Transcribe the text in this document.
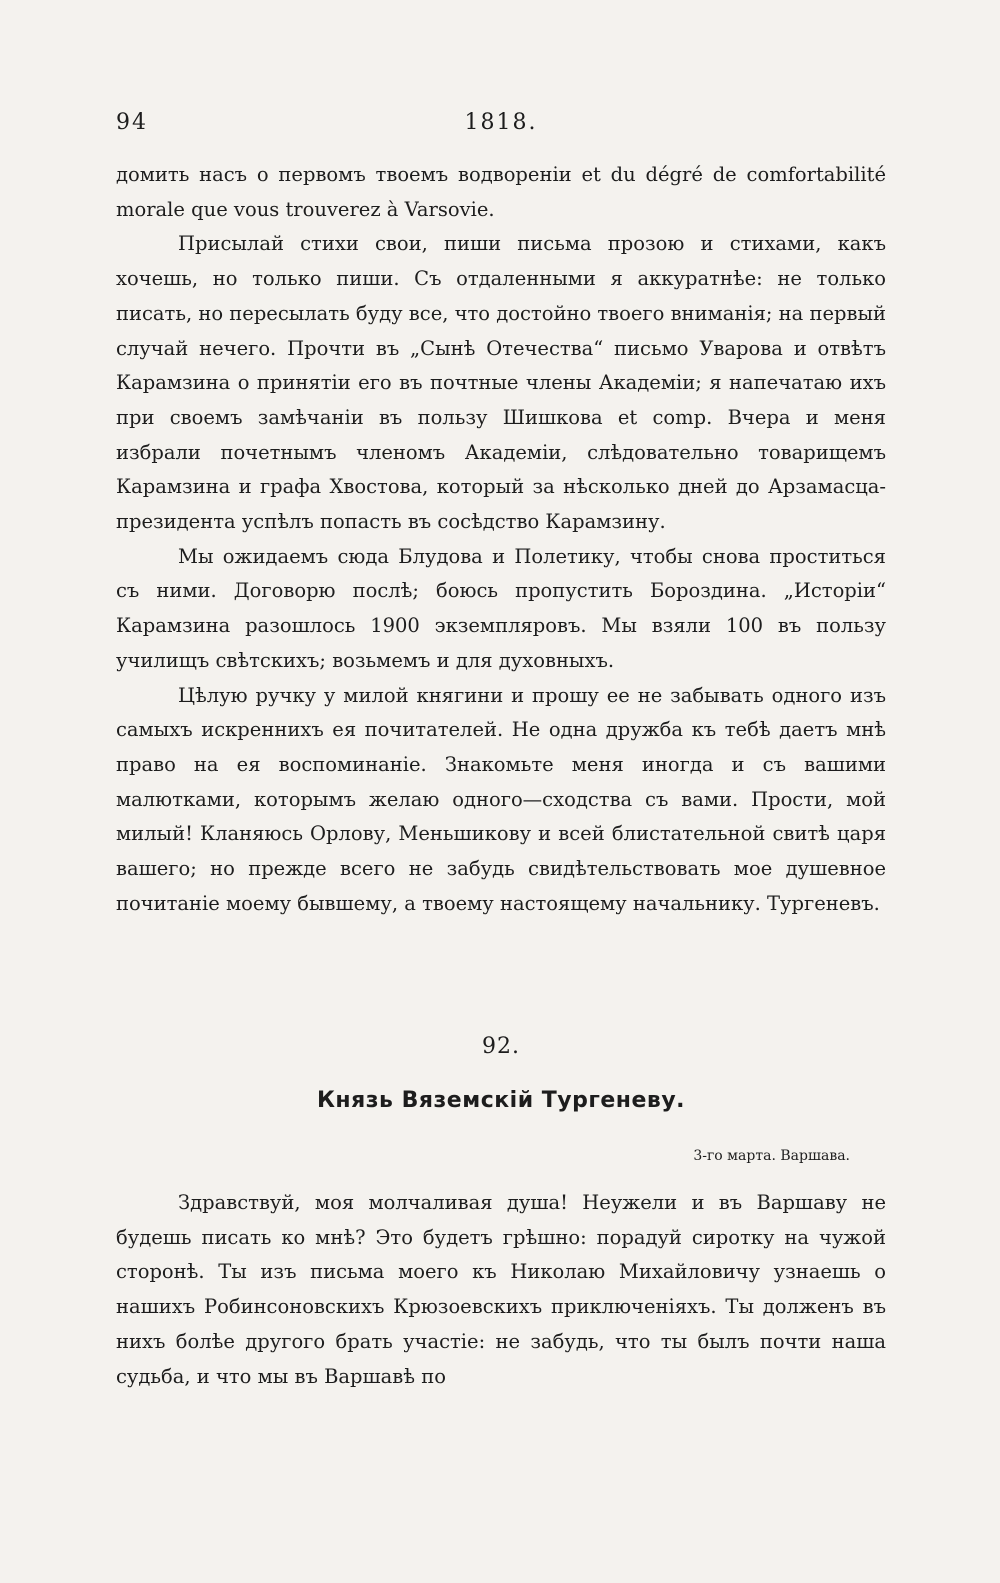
94	1818.

домить насъ о первомъ твоемъ водвореніи et du dégré de comfortabilité morale que vous trouverez à Varsovie.

Присылай стихи свои, пиши письма прозою и стихами, какъ хочешь, но только пиши. Съ отдаленными я аккуратнѣе: не только писать, но пересылать буду все, что достойно твоего вниманія; на первый случай нечего. Прочти въ „Сынѣ Отечества“ письмо Уварова и отвѣтъ Карамзина о принятіи его въ почтные члены Академіи; я напечатаю ихъ при своемъ замѣчаніи въ пользу Шишкова et comp. Вчера и меня избрали почетнымъ членомъ Академіи, слѣдовательно товарищемъ Карамзина и графа Хвостова, который за нѣсколько дней до Арзамасца-президента успѣлъ попасть въ сосѣдство Карамзину.

Мы ожидаемъ сюда Блудова и Полетику, чтобы снова проститься съ ними. Договорю послѣ; боюсь пропустить Бороздина. „Исторіи“ Карамзина разошлось 1900 экземпляровъ. Мы взяли 100 въ пользу училищъ свѣтскихъ; возьмемъ и для духовныхъ.

Цѣлую ручку у милой княгини и прошу ее не забывать одного изъ самыхъ искреннихъ ея почитателей. Не одна дружба къ тебѣ даетъ мнѣ право на ея воспоминаніе. Знакомьте меня иногда и съ вашими малютками, которымъ желаю одного—сходства съ вами. Прости, мой милый! Кланяюсь Орлову, Меньшикову и всей блистательной свитѣ царя вашего; но прежде всего не забудь свидѣтельствовать мое душевное почитаніе моему бывшему, а твоему настоящему начальнику. Тургеневъ.

92.
Князь Вяземскій Тургеневу.
3-го марта. Варшава.

Здравствуй, моя молчаливая душа! Неужели и въ Варшаву не будешь писать ко мнѣ? Это будетъ грѣшно: порадуй сиротку на чужой сторонѣ. Ты изъ письма моего къ Николаю Михайловичу узнаешь о нашихъ Робинсоновскихъ Крюзоевскихъ приключеніяхъ. Ты долженъ въ нихъ болѣе другого брать участіе: не забудь, что ты былъ почти наша судьба, и что мы въ Варшавѣ по
